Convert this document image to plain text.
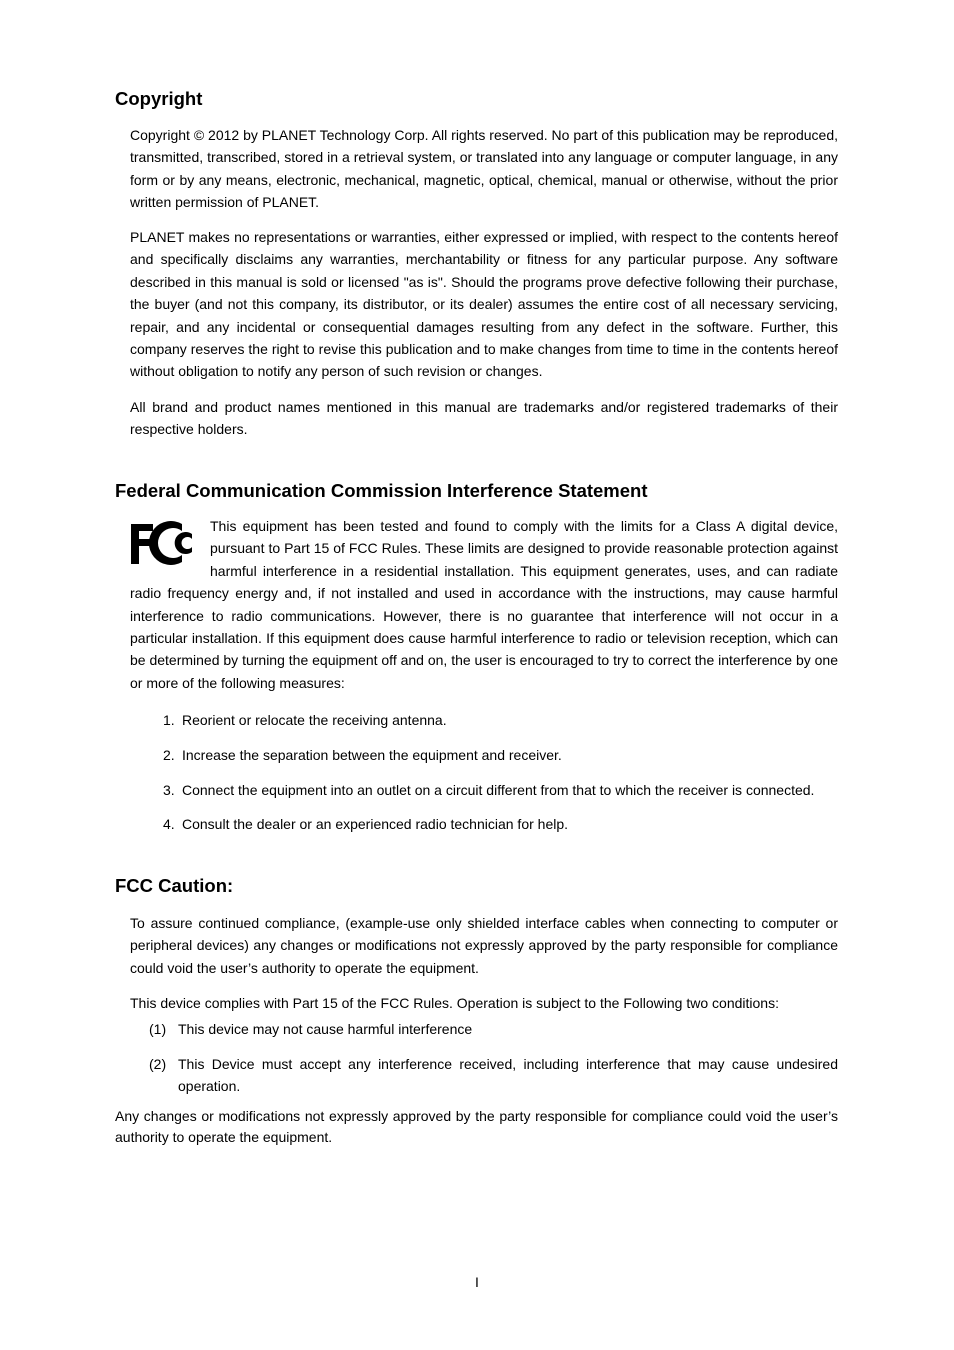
Copyright

Copyright © 2012 by PLANET Technology Corp. All rights reserved. No part of this publication may be reproduced, transmitted, transcribed, stored in a retrieval system, or translated into any language or computer language, in any form or by any means, electronic, mechanical, magnetic, optical, chemical, manual or otherwise, without the prior written permission of PLANET.

PLANET makes no representations or warranties, either expressed or implied, with respect to the contents hereof and specifically disclaims any warranties, merchantability or fitness for any particular purpose. Any software described in this manual is sold or licensed "as is". Should the programs prove defective following their purchase, the buyer (and not this company, its distributor, or its dealer) assumes the entire cost of all necessary servicing, repair, and any incidental or consequential damages resulting from any defect in the software. Further, this company reserves the right to revise this publication and to make changes from time to time in the contents hereof without obligation to notify any person of such revision or changes.

All brand and product names mentioned in this manual are trademarks and/or registered trademarks of their respective holders.

Federal Communication Commission Interference Statement

This equipment has been tested and found to comply with the limits for a Class A digital device, pursuant to Part 15 of FCC Rules. These limits are designed to provide reasonable protection against harmful interference in a residential installation. This equipment generates, uses, and can radiate radio frequency energy and, if not installed and used in accordance with the instructions, may cause harmful interference to radio communications. However, there is no guarantee that interference will not occur in a particular installation. If this equipment does cause harmful interference to radio or television reception, which can be determined by turning the equipment off and on, the user is encouraged to try to correct the interference by one or more of the following measures:

1. Reorient or relocate the receiving antenna.
2. Increase the separation between the equipment and receiver.
3. Connect the equipment into an outlet on a circuit different from that to which the receiver is connected.
4. Consult the dealer or an experienced radio technician for help.
FCC Caution:

To assure continued compliance, (example-use only shielded interface cables when connecting to computer or peripheral devices) any changes or modifications not expressly approved by the party responsible for compliance could void the user’s authority to operate the equipment.

This device complies with Part 15 of the FCC Rules. Operation is subject to the Following two conditions:

(1) This device may not cause harmful interference
(2) This Device must accept any interference received, including interference that may cause undesired operation.

Any changes or modifications not expressly approved by the party responsible for compliance could void the user’s authority to operate the equipment.

I
